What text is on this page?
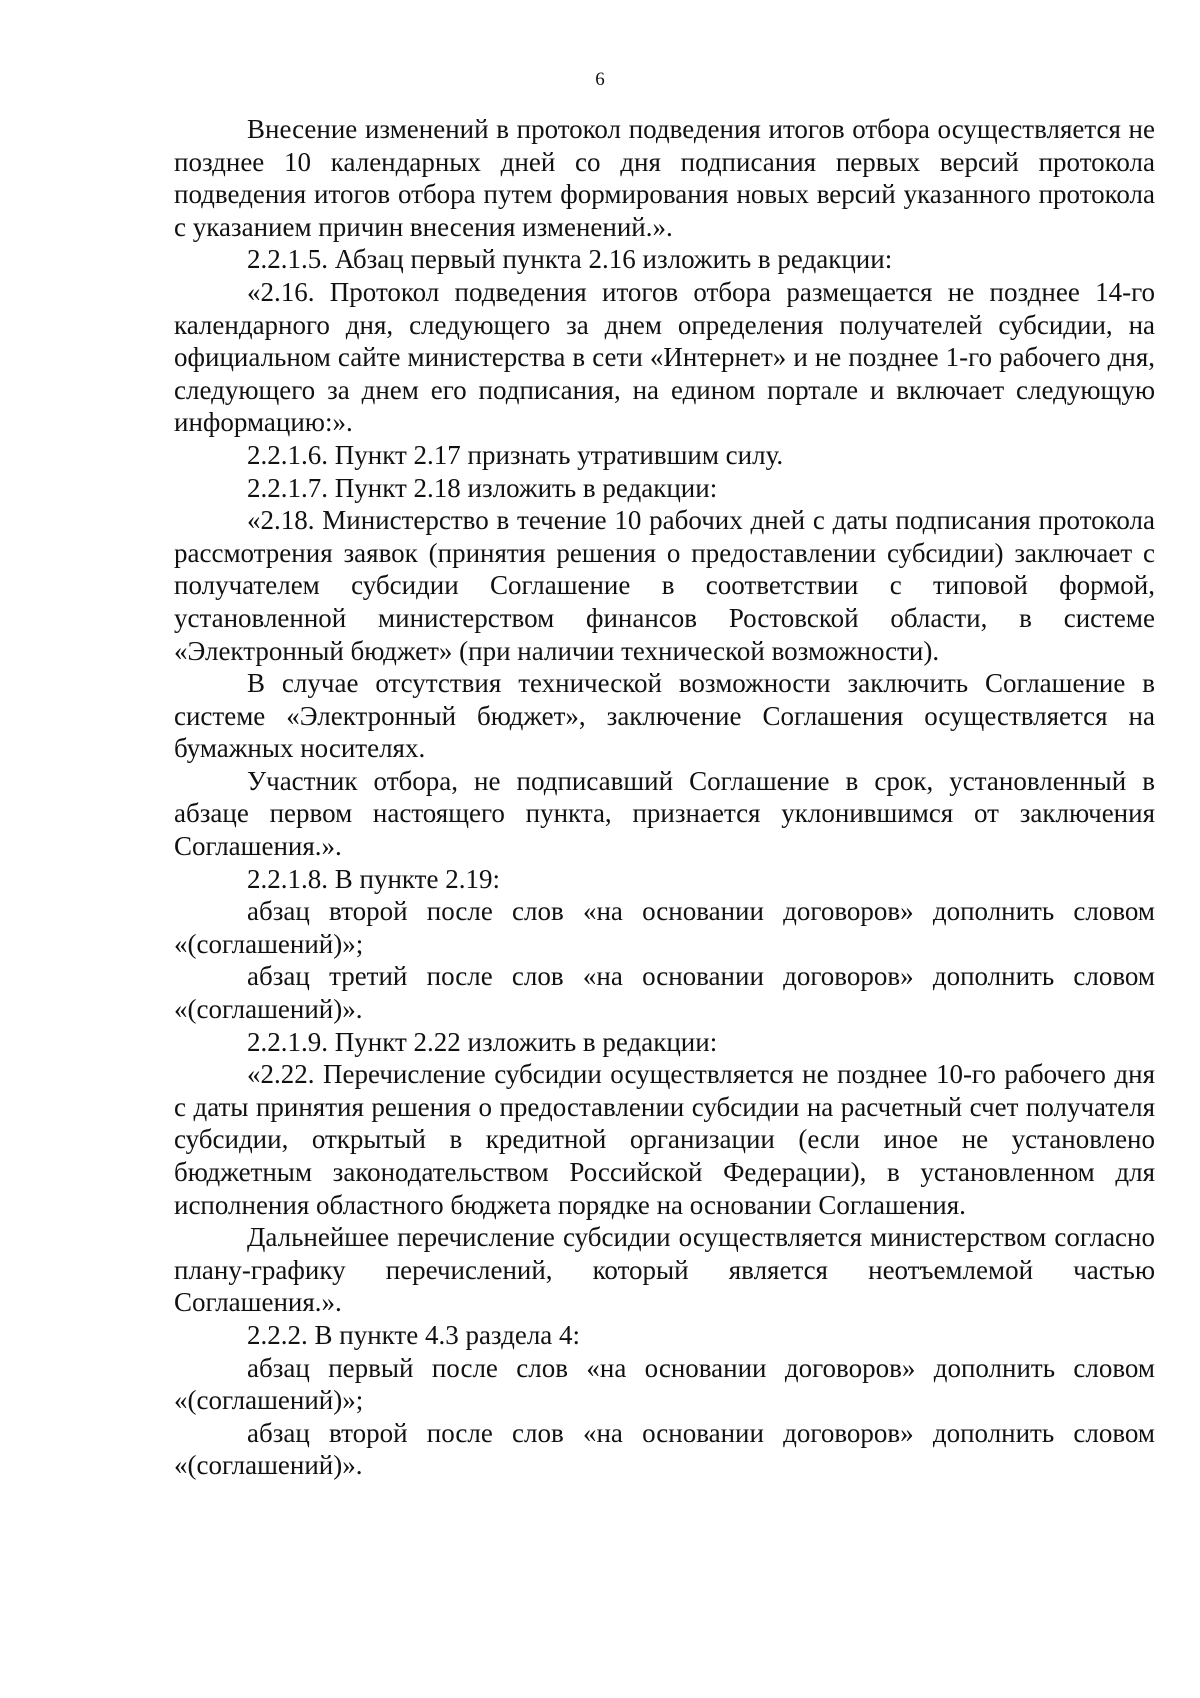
6

Внесение изменений в протокол подведения итогов отбора осуществляется не позднее 10 календарных дней со дня подписания первых версий протокола подведения итогов отбора путем формирования новых версий указанного протокола с указанием причин внесения изменений.».

2.2.1.5. Абзац первый пункта 2.16 изложить в редакции:

«2.16. Протокол подведения итогов отбора размещается не позднее 14-го календарного дня, следующего за днем определения получателей субсидии, на официальном сайте министерства в сети «Интернет» и не позднее 1-го рабочего дня, следующего за днем его подписания, на едином портале и включает следующую информацию:».

2.2.1.6. Пункт 2.17 признать утратившим силу.

2.2.1.7. Пункт 2.18 изложить в редакции:

«2.18. Министерство в течение 10 рабочих дней с даты подписания протокола рассмотрения заявок (принятия решения о предоставлении субсидии) заключает с получателем субсидии Соглашение в соответствии с типовой формой, установленной министерством финансов Ростовской области, в системе «Электронный бюджет» (при наличии технической возможности).

В случае отсутствия технической возможности заключить Соглашение в системе «Электронный бюджет», заключение Соглашения осуществляется на бумажных носителях.

Участник отбора, не подписавший Соглашение в срок, установленный в абзаце первом настоящего пункта, признается уклонившимся от заключения Соглашения.».

2.2.1.8. В пункте 2.19:

абзац второй после слов «на основании договоров» дополнить словом «(соглашений)»;

абзац третий после слов «на основании договоров» дополнить словом «(соглашений)».

2.2.1.9. Пункт 2.22 изложить в редакции:

«2.22. Перечисление субсидии осуществляется не позднее 10-го рабочего дня с даты принятия решения о предоставлении субсидии на расчетный счет получателя субсидии, открытый в кредитной организации (если иное не установлено бюджетным законодательством Российской Федерации), в установленном для исполнения областного бюджета порядке на основании Соглашения.

Дальнейшее перечисление субсидии осуществляется министерством согласно плану-графику перечислений, который является неотъемлемой частью Соглашения.».

2.2.2. В пункте 4.3 раздела 4:

абзац первый после слов «на основании договоров» дополнить словом «(соглашений)»;

абзац второй после слов «на основании договоров» дополнить словом «(соглашений)».
